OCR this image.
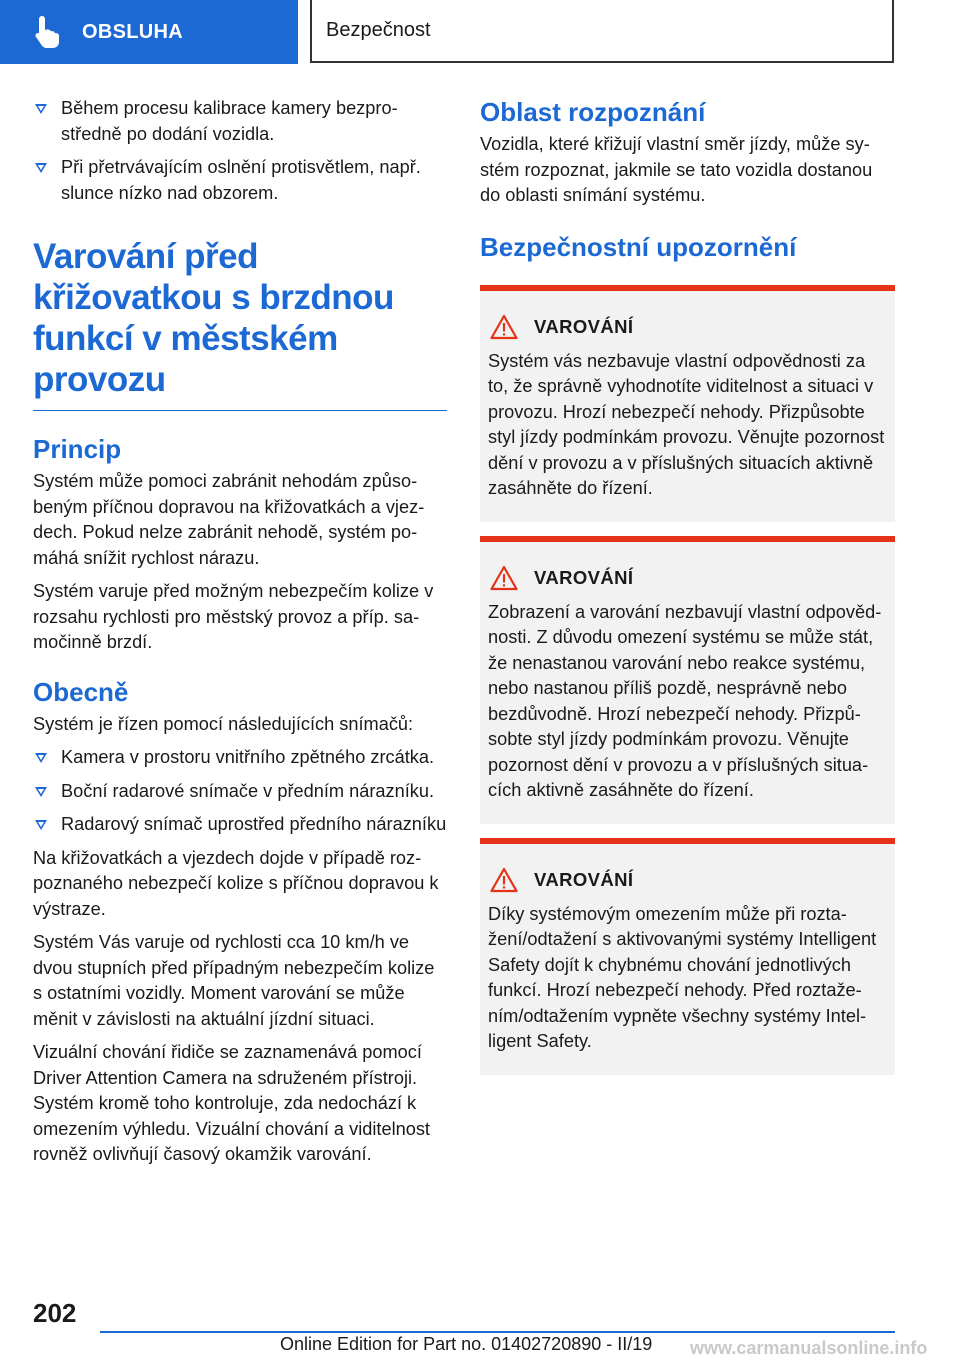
OBSLUHA	Bezpečnost
Během procesu kalibrace kamery bezprostředně po dodání vozidla.
Při přetrvávajícím oslnění protisvětlem, např. slunce nízko nad obzorem.
Varování před křižovatkou s brzdnou funkcí v městském provozu
Princip

Systém může pomoci zabránit nehodám způsobeným příčnou dopravou na křižovatkách a vjezdech. Pokud nelze zabránit nehodě, systém pomáhá snížit rychlost nárazu.

Systém varuje před možným nebezpečím kolize v rozsahu rychlosti pro městský provoz a příp. samočinně brzdí.

Obecně

Systém je řízen pomocí následujících snímačů:

Kamera v prostoru vnitřního zpětného zrcátka.
Boční radarové snímače v předním nárazníku.
Radarový snímač uprostřed předního nárazníku

Na křižovatkách a vjezdech dojde v případě rozpoznaného nebezpečí kolize s příčnou dopravou k výstraze.

Systém Vás varuje od rychlosti cca 10 km/h ve dvou stupních před případným nebezpečím kolize s ostatními vozidly. Moment varování se může měnit v závislosti na aktuální jízdní situaci.

Vizuální chování řidiče se zaznamenává pomocí Driver Attention Camera na sdruženém přístroji. Systém kromě toho kontroluje, zda nedochází k omezením výhledu. Vizuální chování a viditelnost rovněž ovlivňují časový okamžik varování.

Oblast rozpoznání

Vozidla, které křižují vlastní směr jízdy, může systém rozpoznat, jakmile se tato vozidla dostanou do oblasti snímání systému.

Bezpečnostní upozornění
VAROVÁNÍ

Systém vás nezbavuje vlastní odpovědnosti za to, že správně vyhodnotíte viditelnost a situaci v provozu. Hrozí nebezpečí nehody. Přizpůsobte styl jízdy podmínkám provozu. Věnujte pozornost dění v provozu a v příslušných situacích aktivně zasáhněte do řízení.

VAROVÁNÍ

Zobrazení a varování nezbavují vlastní odpovědnosti. Z důvodu omezení systému se může stát, že nenastanou varování nebo reakce systému, nebo nastanou příliš pozdě, nesprávně nebo bezdůvodně. Hrozí nebezpečí nehody. Přizpůsobte styl jízdy podmínkám provozu. Věnujte pozornost dění v provozu a v příslušných situacích aktivně zasáhněte do řízení.

VAROVÁNÍ

Díky systémovým omezením může při roztažení/odtažení s aktivovanými systémy Intelligent Safety dojít k chybnému chování jednotlivých funkcí. Hrozí nebezpečí nehody. Před roztažením/odtažením vypněte všechny systémy Intelligent Safety.

202
Online Edition for Part no. 01402720890 - II/19 www.carmanualsonline.info
